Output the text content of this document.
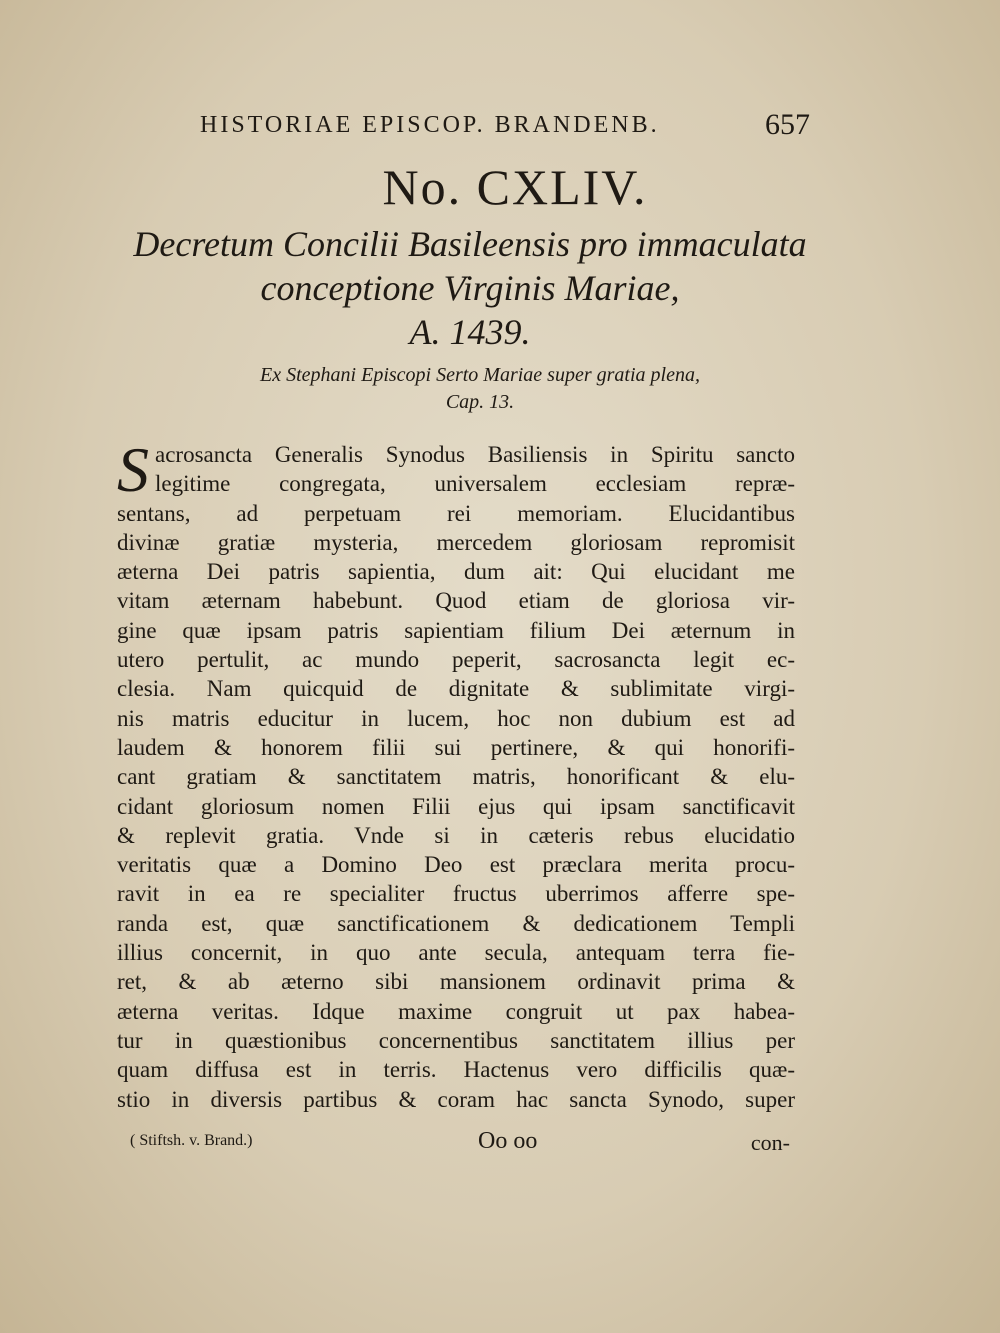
HISTORIAE EPISCOP. BRANDENB.	657
No. CXLIV.
Decretum Concilii Basileensis pro immaculata
conceptione Virginis Mariae,
A. 1439.
Ex Stephani Episcopi Serto Mariae super gratia plena,
Cap. 13.
S acrosancta Generalis Synodus Basiliensis in Spiritu sancto
legitime congregata, universalem ecclesiam repræ-
sentans, ad perpetuam rei memoriam. Elucidantibus
divinæ gratiæ mysteria, mercedem gloriosam repromisit
æterna Dei patris sapientia, dum ait: Qui elucidant me
vitam æternam habebunt. Quod etiam de gloriosa vir-
gine quæ ipsam patris sapientiam filium Dei æternum in
utero pertulit, ac mundo peperit, sacrosancta legit ec-
clesia. Nam quicquid de dignitate & sublimitate virgi-
nis matris educitur in lucem, hoc non dubium est ad
laudem & honorem filii sui pertinere, & qui honorifi-
cant gratiam & sanctitatem matris, honorificant & elu-
cidant gloriosum nomen Filii ejus qui ipsam sanctificavit
& replevit gratia. Vnde si in cæteris rebus elucidatio
veritatis quæ a Domino Deo est præclara merita procu-
ravit in ea re specialiter fructus uberrimos afferre spe-
randa est, quæ sanctificationem & dedicationem Templi
illius concernit, in quo ante secula, antequam terra fie-
ret, & ab æterno sibi mansionem ordinavit prima &
æterna veritas. Idque maxime congruit ut pax habea-
tur in quæstionibus concernentibus sanctitatem illius per
quam diffusa est in terris. Hactenus vero difficilis quæ-
stio in diversis partibus & coram hac sancta Synodo, super
( Stiftsh. v. Brand.)	Oo oo	con-
